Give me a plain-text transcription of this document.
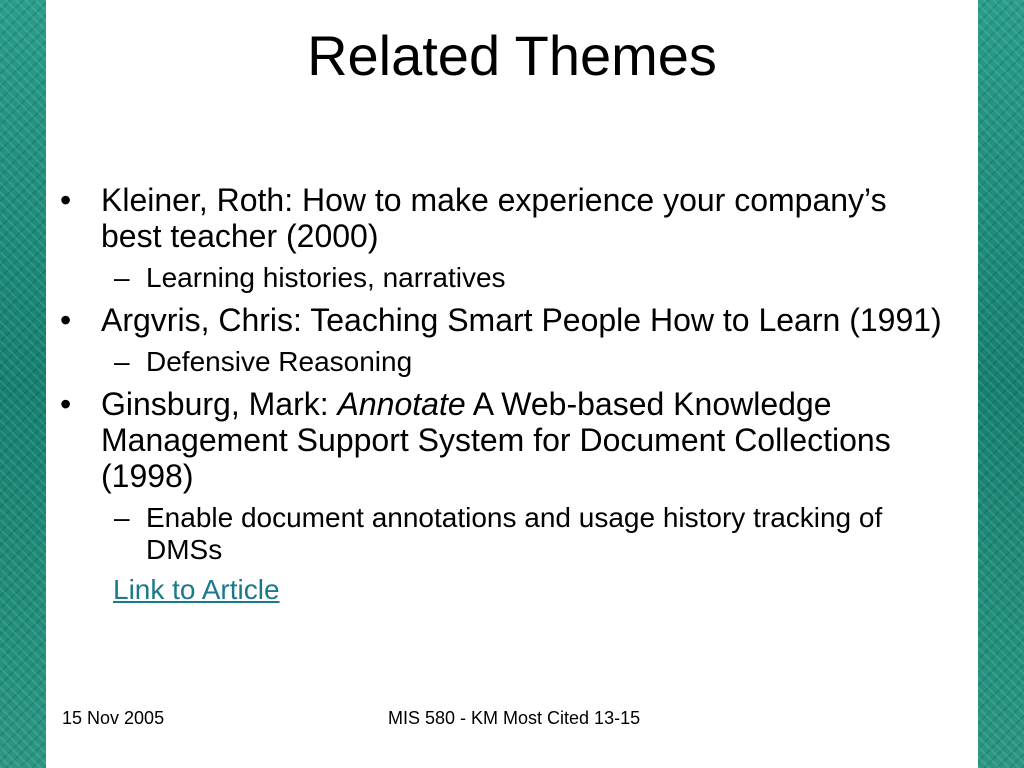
Related Themes
• Kleiner, Roth: How to make experience your company’s best teacher (2000)
– Learning histories, narratives
• Argvris, Chris: Teaching Smart People How to Learn (1991)
– Defensive Reasoning
• Ginsburg, Mark: Annotate A Web-based Knowledge Management Support System for Document Collections (1998)
– Enable document annotations and usage history tracking of DMSs
Link to Article
15 Nov 2005	MIS 580 - KM Most Cited 13-15
